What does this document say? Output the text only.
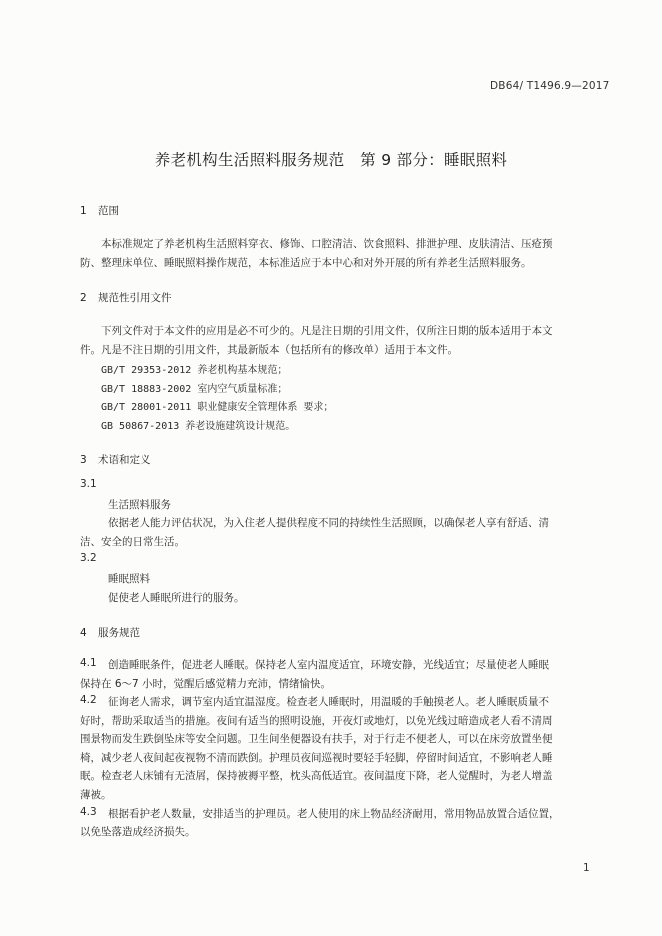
DB64/ T1496.9—2017
养老机构生活照料服务规范　第 9 部分：睡眠照料
1 范围
本标准规定了养老机构生活照料穿衣、修饰、口腔清洁、饮食照料、排泄护理、皮肤清洁、压疮预
防、整理床单位、睡眠照料操作规范，本标准适应于本中心和对外开展的所有养老生活照料服务。
2 规范性引用文件
下列文件对于本文件的应用是必不可少的。凡是注日期的引用文件，仅所注日期的版本适用于本文
件。凡是不注日期的引用文件，其最新版本（包括所有的修改单）适用于本文件。
GB/T 29353-2012 养老机构基本规范；
GB/T 18883-2002 室内空气质量标准；
GB/T 28001-2011 职业健康安全管理体系 要求；
GB 50867-2013 养老设施建筑设计规范。
3 术语和定义
3.1
生活照料服务
依据老人能力评估状况，为入住老人提供程度不同的持续性生活照顾，以确保老人享有舒适、清
洁、安全的日常生活。
3.2
睡眠照料
促使老人睡眠所进行的服务。
4 服务规范
4.1 创造睡眠条件，促进老人睡眠。保持老人室内温度适宜，环境安静，光线适宜；尽量使老人睡眠
保持在 6～7 小时，觉醒后感觉精力充沛，情绪愉快。
4.2 征询老人需求，调节室内适宜温湿度。检查老人睡眠时，用温暖的手触摸老人。老人睡眠质量不
好时，帮助采取适当的措施。夜间有适当的照明设施，开夜灯或地灯，以免光线过暗造成老人看不清周
围景物而发生跌倒坠床等安全问题。卫生间坐便器设有扶手，对于行走不便老人，可以在床旁放置坐便
椅，减少老人夜间起夜视物不清而跌倒。护理员夜间巡视时要轻手轻脚，停留时间适宜，不影响老人睡
眠。检查老人床铺有无渣屑，保持被褥平整，枕头高低适宜。夜间温度下降，老人觉醒时，为老人增盖
薄被。
4.3 根据看护老人数量，安排适当的护理员。老人使用的床上物品经济耐用，常用物品放置合适位置，
以免坠落造成经济损失。
1
